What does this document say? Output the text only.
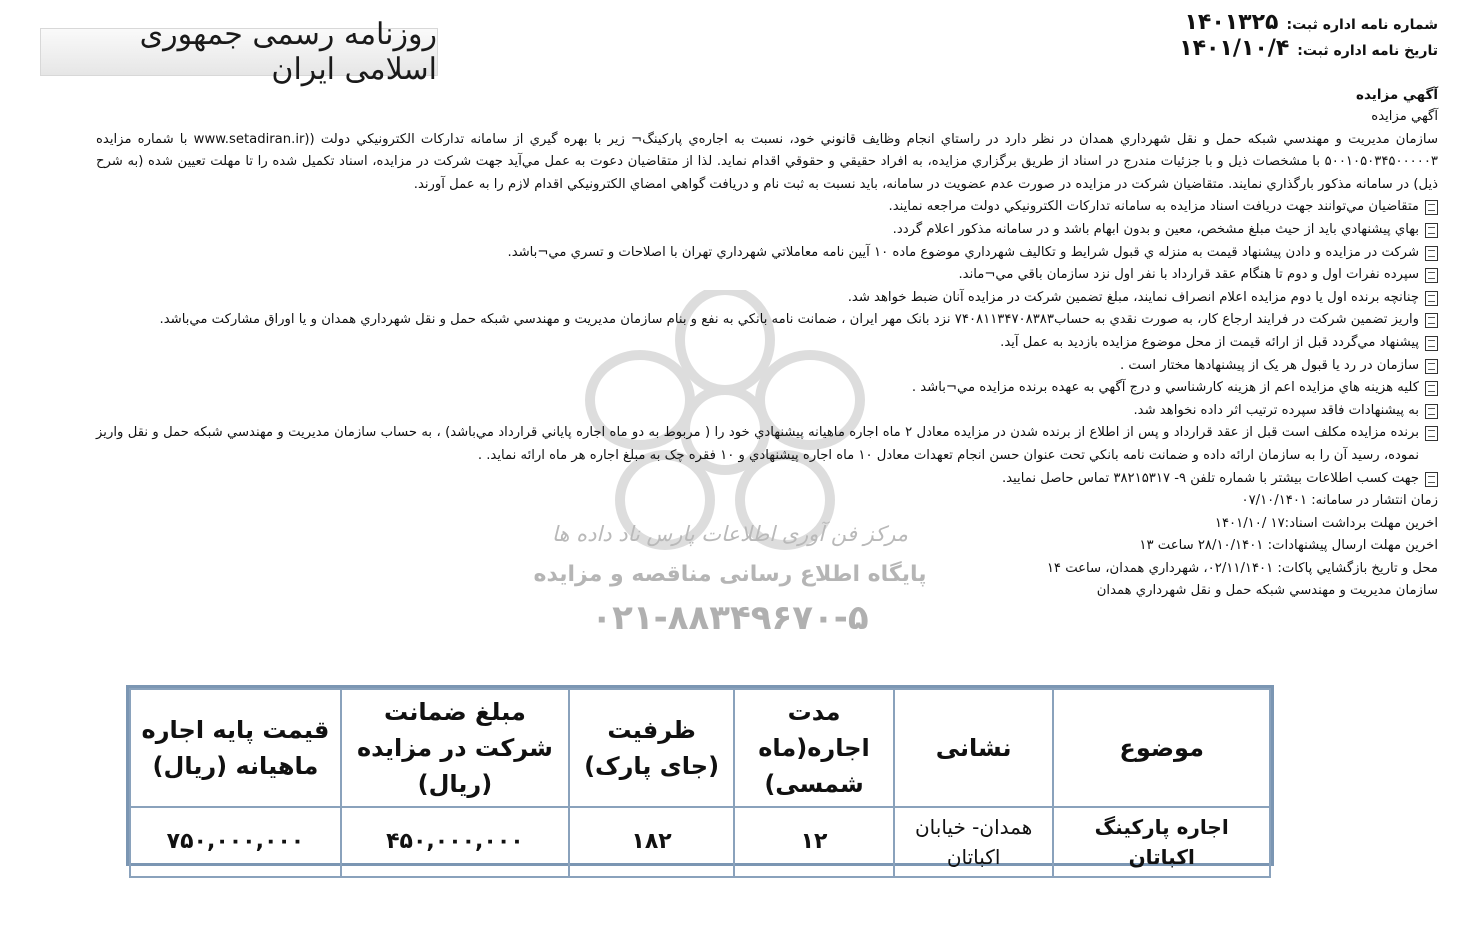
شماره نامه اداره ثبت:
۱۴۰۱۳۲۵
تاريخ نامه اداره ثبت:
۱۴۰۱/۱۰/۴
روزنامه رسمی جمهوری اسلامی ایران
مرکز فن آوری اطلاعات پارس ناد داده ها
پایگاه اطلاع رسانی مناقصه و مزایده
۰۲۱-۸۸۳۴۹۶۷۰-۵
آگهي مزايده
آگهي مزايده
سازمان مديريت و مهندسي شبکه حمل و نقل شهرداري همدان در نظر دارد در راستاي انجام وظايف قانوني خود، نسبت به اجاره‌ي پارکينگ¬ زير با بهره گيري از سامانه تداركات الكترونيكي دولت ((www.setadiran.ir با شماره مزايده ۵۰۰۱۰۵۰۳۴۵۰۰۰۰۰۳ با مشخصات ذيل و با جزئيات مندرج در اسناد از طريق برگزاري مزايده، به افراد حقيقي و حقوقي اقدام نمايد. لذا از متقاضيان دعوت به عمل مي‌آيد جهت شركت در مزايده، اسناد تكميل شده را تا مهلت تعيين شده (به شرح ذيل) در سامانه مذكور بارگذاري نمايند. متقاضيان شركت در مزايده در صورت عدم عضويت در سامانه، بايد نسبت به ثبت نام و دريافت گواهي امضاي الكترونيكي اقدام لازم را به عمل آورند.
متقاضيان مي‌توانند جهت دريافت اسناد مزايده به سامانه تداركات الكترونيكي دولت مراجعه نمايند.
بهاي پيشنهادي بايد از حيث مبلغ مشخص، معين و بدون ابهام باشد و در سامانه مذكور اعلام گردد.
شركت در مزايده و دادن پيشنهاد قيمت به منزله ي قبول شرايط و تكاليف شهرداري موضوع ماده ۱۰ آيين نامه معاملاتي شهرداري تهران با اصلاحات و تسري مي¬باشد.
سپرده نفرات اول و دوم تا هنگام عقد قرارداد با نفر اول نزد سازمان باقي مي¬ماند.
چنانچه برنده اول يا دوم مزايده اعلام انصراف نمايند، مبلغ تضمين شركت در مزايده آنان ضبط خواهد شد.
واريز تضمين شركت در فرايند ارجاع كار، به صورت نقدي به حساب۷۴۰۸۱۱۳۴۷۰۸۳۸۳ نزد بانک مهر ايران ، ضمانت نامه بانكي به نفع و بنام سازمان مديريت و مهندسي شبکه حمل و نقل شهرداري همدان و يا اوراق مشاركت مي‌باشد.
پيشنهاد مي‌گردد قبل از ارائه قيمت از محل موضوع مزايده بازديد به عمل آيد.
سازمان در رد يا قبول هر يک از پيشنهادها مختار است .
كليه هزينه هاي مزايده اعم از هزينه كارشناسي و درج آگهي به عهده برنده مزايده مي¬باشد .
به پيشنهادات فاقد سپرده ترتيب اثر داده نخواهد شد.
برنده مزايده مكلف است قبل از عقد قرارداد و پس از اطلاع از برنده شدن در مزايده معادل ۲ ماه اجاره ماهيانه پيشنهادي خود را ( مربوط به دو ماه اجاره پاياني قرارداد مي‌باشد) ، به حساب سازمان مديريت و مهندسي شبکه حمل و نقل واريز نموده، رسيد آن را به سازمان ارائه داده و ضمانت نامه بانكي تحت عنوان حسن انجام تعهدات معادل ۱۰ ماه اجاره پيشنهادي و ۱۰ فقره چک به مبلغ اجاره هر ماه ارائه نمايد. .
جهت كسب اطلاعات بيشتر با شماره تلفن ۹- ۳۸۲۱۵۳۱۷ تماس حاصل نماييد.
زمان انتشار در سامانه: ۰۷/۱۰/۱۴۰۱
اخرين مهلت برداشت اسناد:۱۷ /۱۴۰۱/۱۰
اخرين مهلت ارسال پيشنهادات: ۲۸/۱۰/۱۴۰۱ ساعت ۱۳
محل و تاريخ بازگشايي پاكات: ۰۲/۱۱/۱۴۰۱، شهرداري همدان، ساعت ۱۴
سازمان مديريت و مهندسي شبکه حمل و نقل شهرداري همدان
موضوع	نشانی	مدت اجاره(ماه شمسی)	ظرفیت (جای پارک)	مبلغ ضمانت شرکت در مزایده (ریال)	قیمت پایه اجاره ماهیانه (ریال)
اجاره پارکینگ اکباتان	همدان- خیابان اکباتان	۱۲	۱۸۲	۴۵۰,۰۰۰,۰۰۰	۷۵۰,۰۰۰,۰۰۰
